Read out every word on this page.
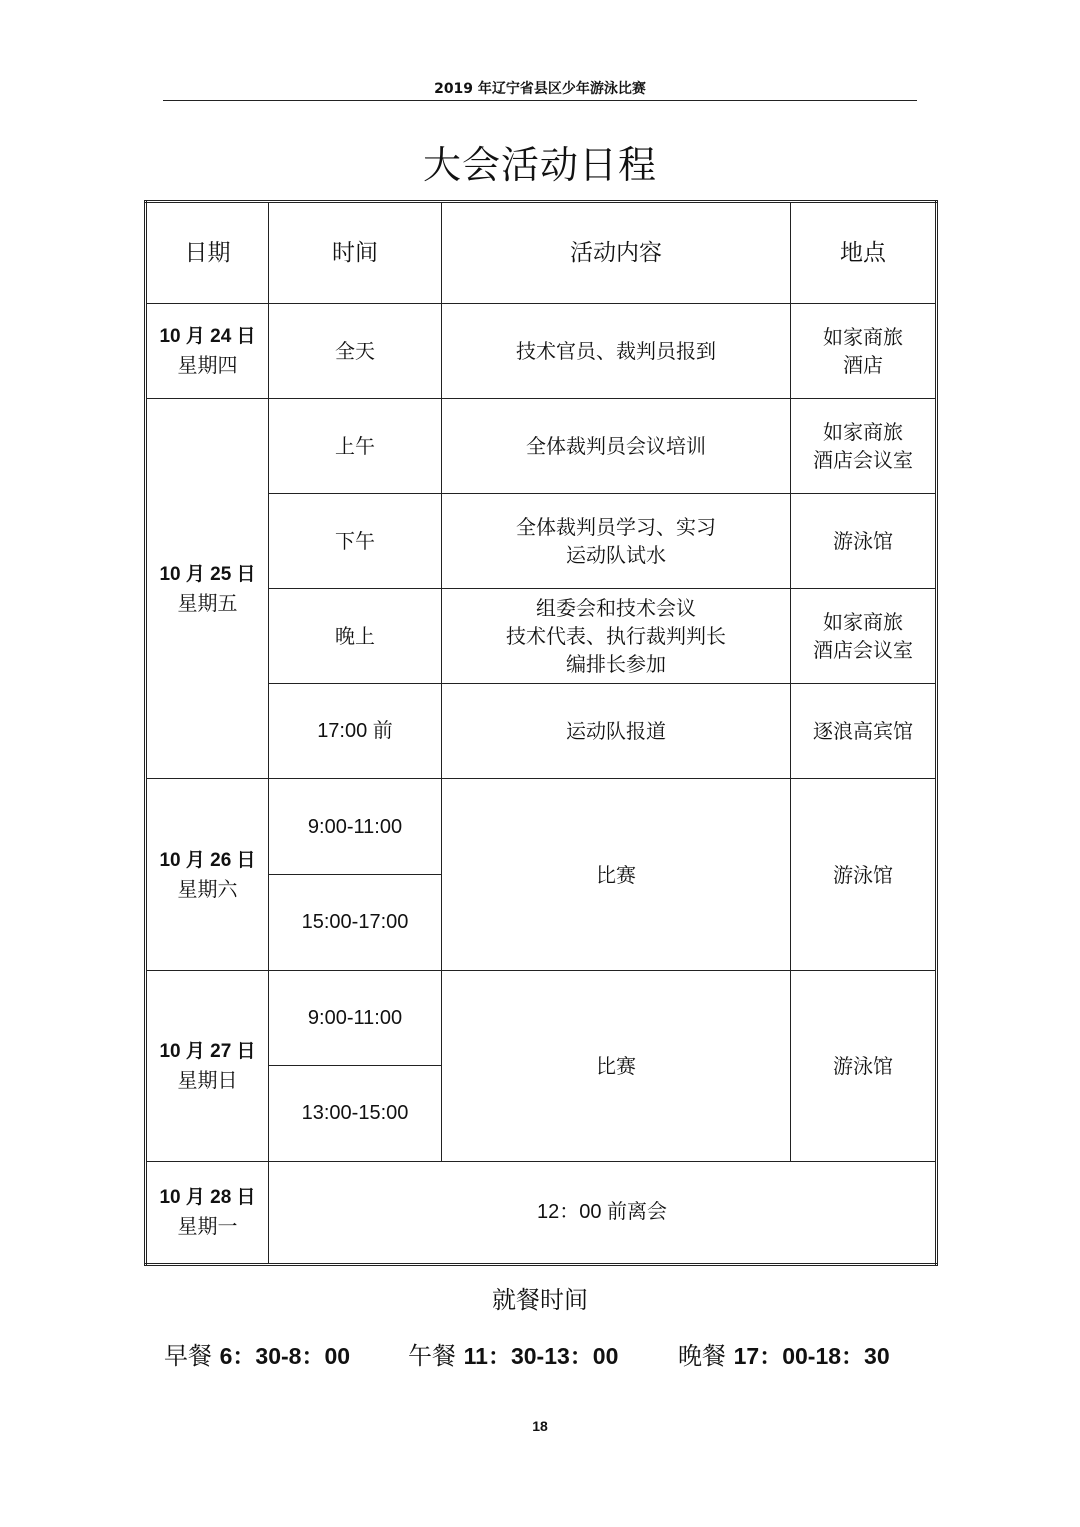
2019 年辽宁省县区少年游泳比赛
大会活动日程
日期	时间	活动内容	地点

10 月 24 日
星期四	全天	技术官员、裁判员报到	如家商旅
酒店

10 月 25 日
星期五	上午	全体裁判员会议培训	如家商旅
酒店会议室

	下午	全体裁判员学习、实习
运动队试水	游泳馆

	晚上	组委会和技术会议
技术代表、执行裁判判长
编排长参加	如家商旅
酒店会议室

	17:00 前	运动队报道	逐浪高宾馆

10 月 26 日
星期六	9:00-11:00	比赛	游泳馆

	15:00-17:00		

10 月 27 日
星期日	9:00-11:00	比赛	游泳馆

	13:00-15:00		

10 月 28 日
星期一	12：00 前离会		
就餐时间
早餐 6：30-8：00 午餐 11：30-13：00 晚餐 17：00-18：30
18
